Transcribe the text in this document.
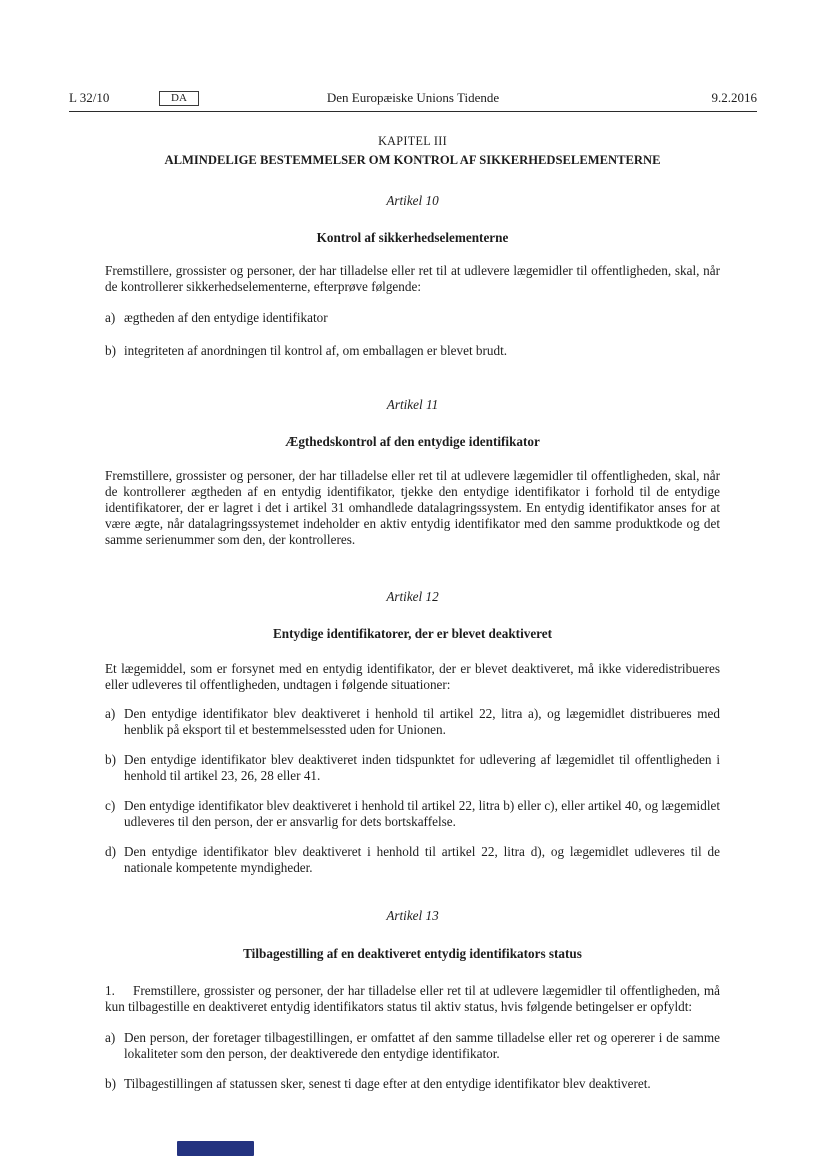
L 32/10	DA	Den Europæiske Unions Tidende	9.2.2016
KAPITEL III
ALMINDELIGE BESTEMMELSER OM KONTROL AF SIKKERHEDSELEMENTERNE
Artikel 10
Kontrol af sikkerhedselementerne

Fremstillere, grossister og personer, der har tilladelse eller ret til at udlevere lægemidler til offentligheden, skal, når de kontrollerer sikkerhedselementerne, efterprøve følgende:

a) ægtheden af den entydige identifikator
b) integriteten af anordningen til kontrol af, om emballagen er blevet brudt.
Artikel 11
Ægthedskontrol af den entydige identifikator

Fremstillere, grossister og personer, der har tilladelse eller ret til at udlevere lægemidler til offentligheden, skal, når de kontrollerer ægtheden af en entydig identifikator, tjekke den entydige identifikator i forhold til de entydige identifikatorer, der er lagret i det i artikel 31 omhandlede datalagringssystem. En entydig identifikator anses for at være ægte, når datalagringssystemet indeholder en aktiv entydig identifikator med den samme produktkode og det samme serienummer som den, der kontrolleres.

Artikel 12
Entydige identifikatorer, der er blevet deaktiveret

Et lægemiddel, som er forsynet med en entydig identifikator, der er blevet deaktiveret, må ikke videredistribueres eller udleveres til offentligheden, undtagen i følgende situationer:

a) Den entydige identifikator blev deaktiveret i henhold til artikel 22, litra a), og lægemidlet distribueres med henblik på eksport til et bestemmelsessted uden for Unionen.
b) Den entydige identifikator blev deaktiveret inden tidspunktet for udlevering af lægemidlet til offentligheden i henhold til artikel 23, 26, 28 eller 41.
c) Den entydige identifikator blev deaktiveret i henhold til artikel 22, litra b) eller c), eller artikel 40, og lægemidlet udleveres til den person, der er ansvarlig for dets bortskaffelse.
d) Den entydige identifikator blev deaktiveret i henhold til artikel 22, litra d), og lægemidlet udleveres til de nationale kompetente myndigheder.
Artikel 13
Tilbagestilling af en deaktiveret entydig identifikators status

1. Fremstillere, grossister og personer, der har tilladelse eller ret til at udlevere lægemidler til offentligheden, må kun tilbagestille en deaktiveret entydig identifikators status til aktiv status, hvis følgende betingelser er opfyldt:

a) Den person, der foretager tilbagestillingen, er omfattet af den samme tilladelse eller ret og opererer i de samme lokaliteter som den person, der deaktiverede den entydige identifikator.
b) Tilbagestillingen af statussen sker, senest ti dage efter at den entydige identifikator blev deaktiveret.
